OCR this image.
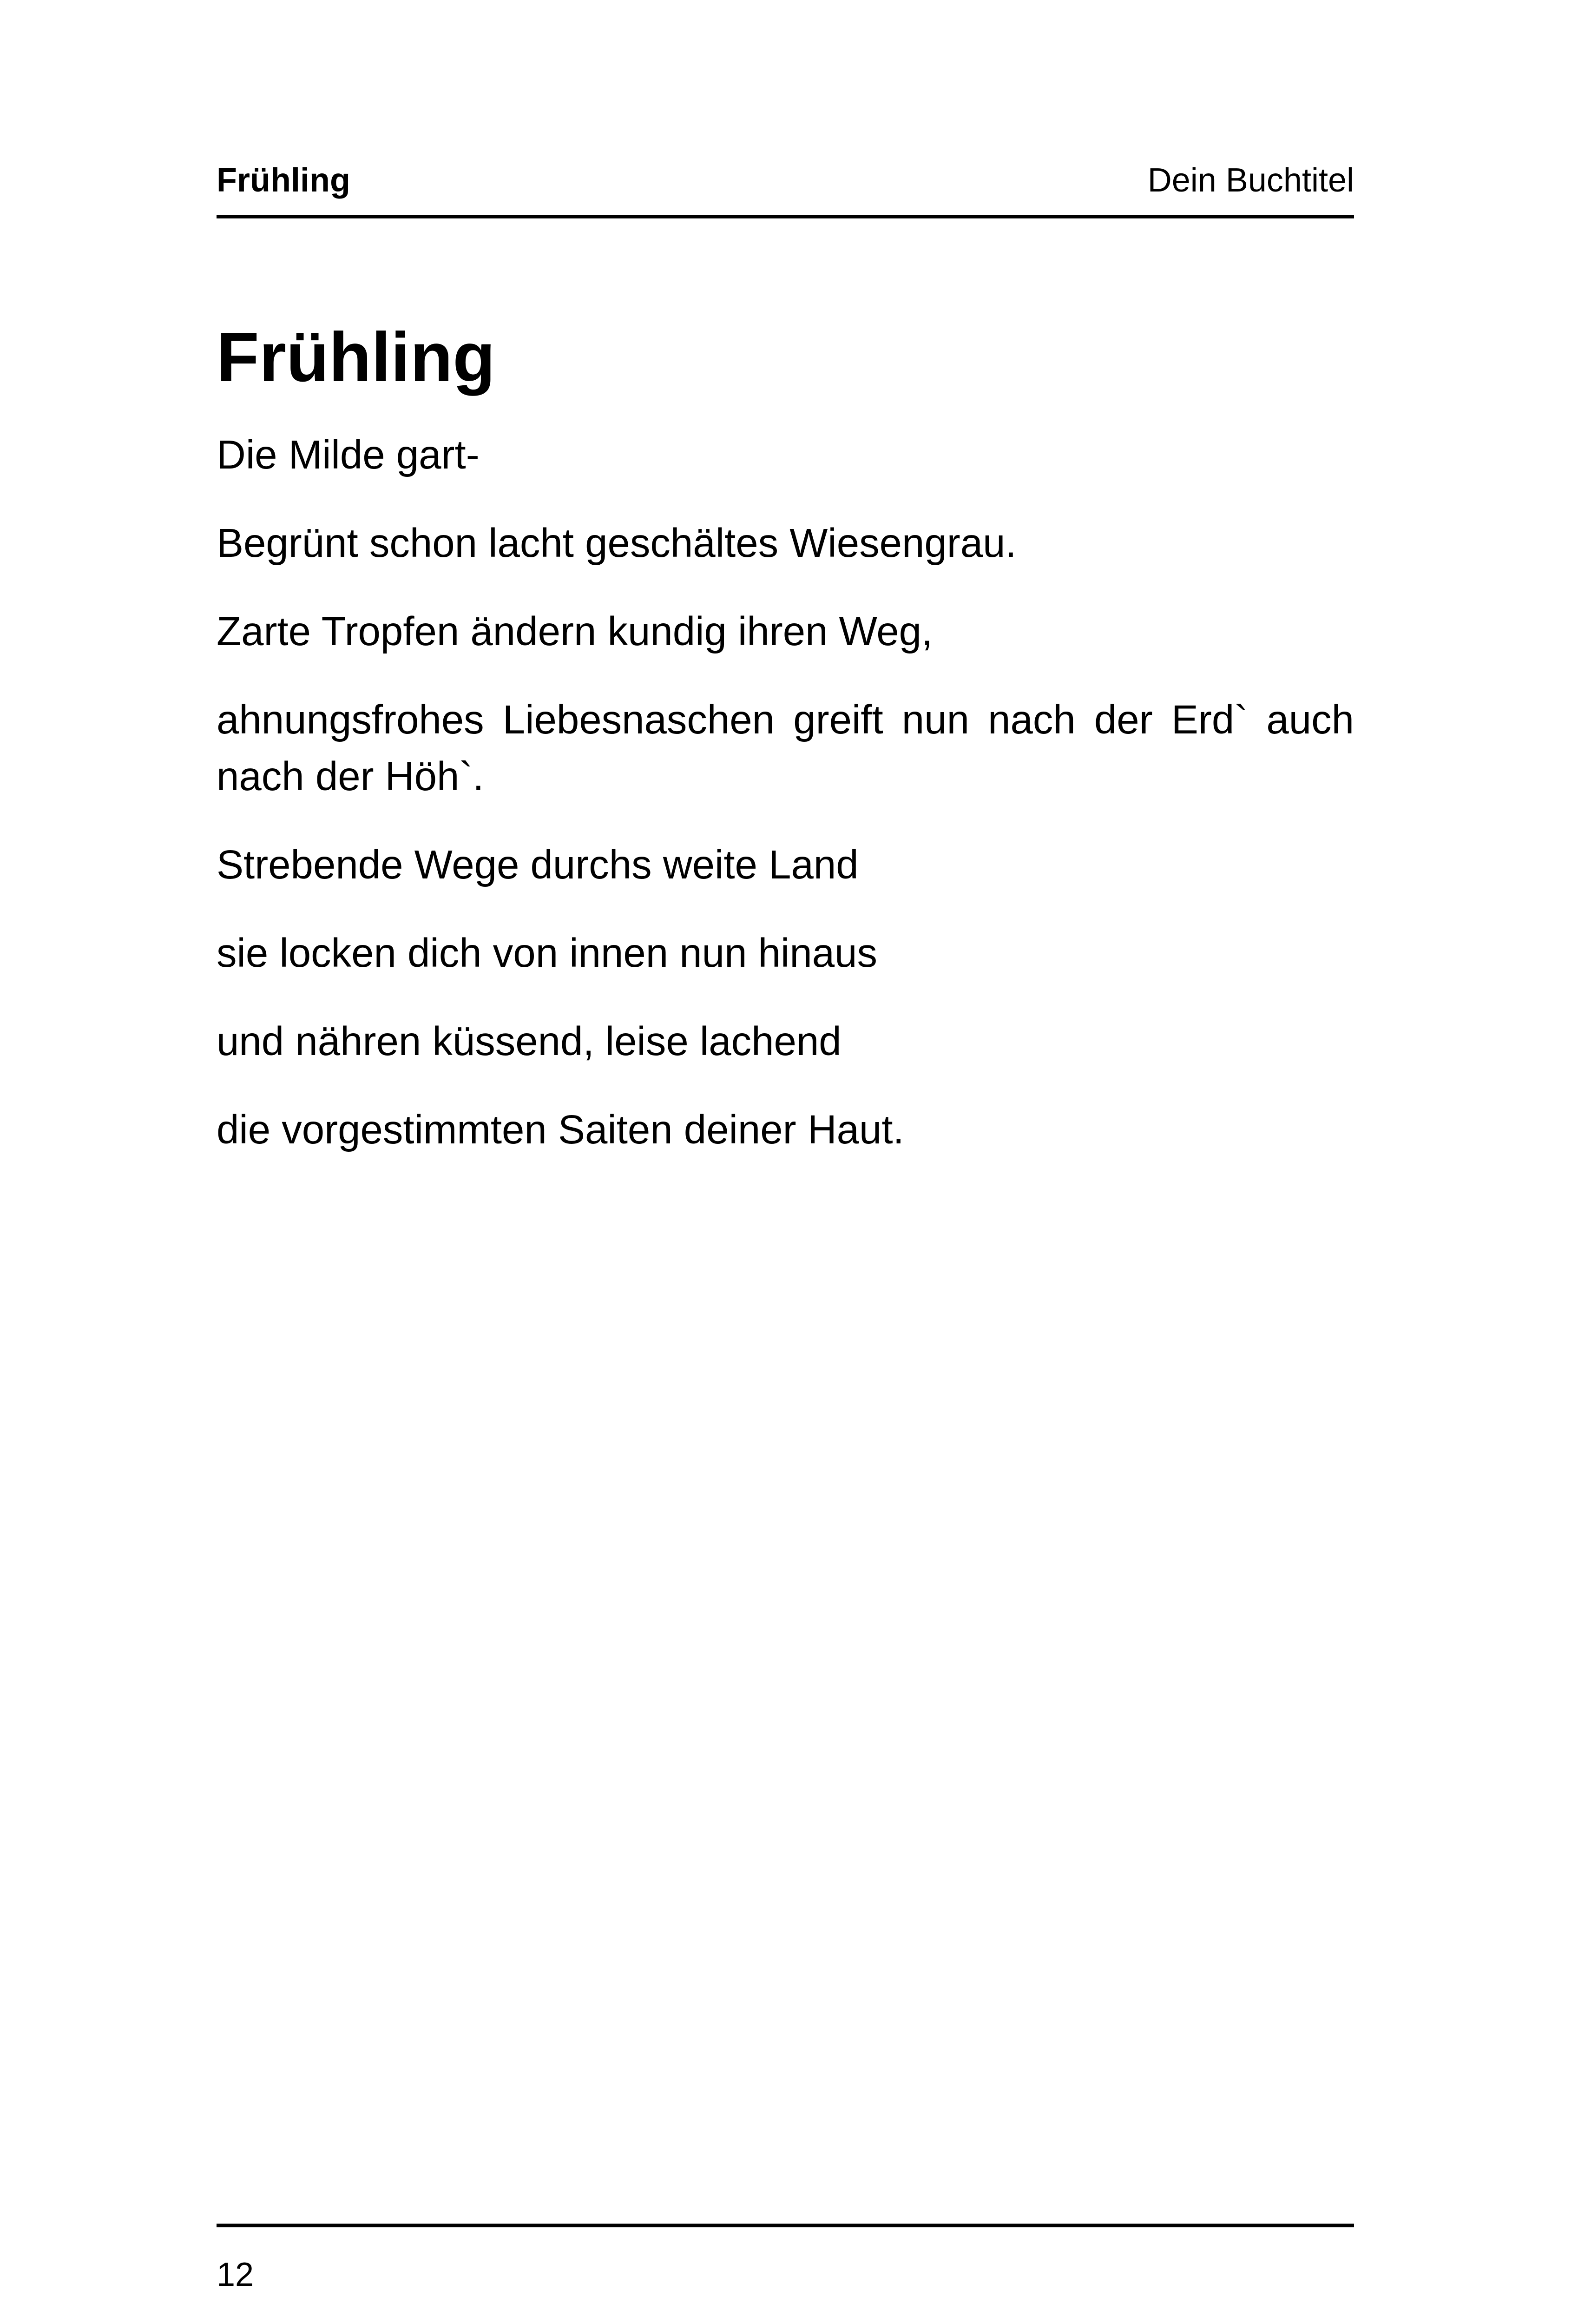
Frühling	Dein Buchtitel
Frühling

Die Milde gart-

Begrünt schon lacht geschältes Wiesengrau.

Zarte Tropfen ändern kundig ihren Weg,

ahnungsfrohes Liebesnaschen greift nun nach der Erd` auch nach der Höh`.

Strebende Wege durchs weite Land

sie locken dich von innen nun hinaus

und nähren küssend, leise lachend

die vorgestimmten Saiten deiner Haut.

12
